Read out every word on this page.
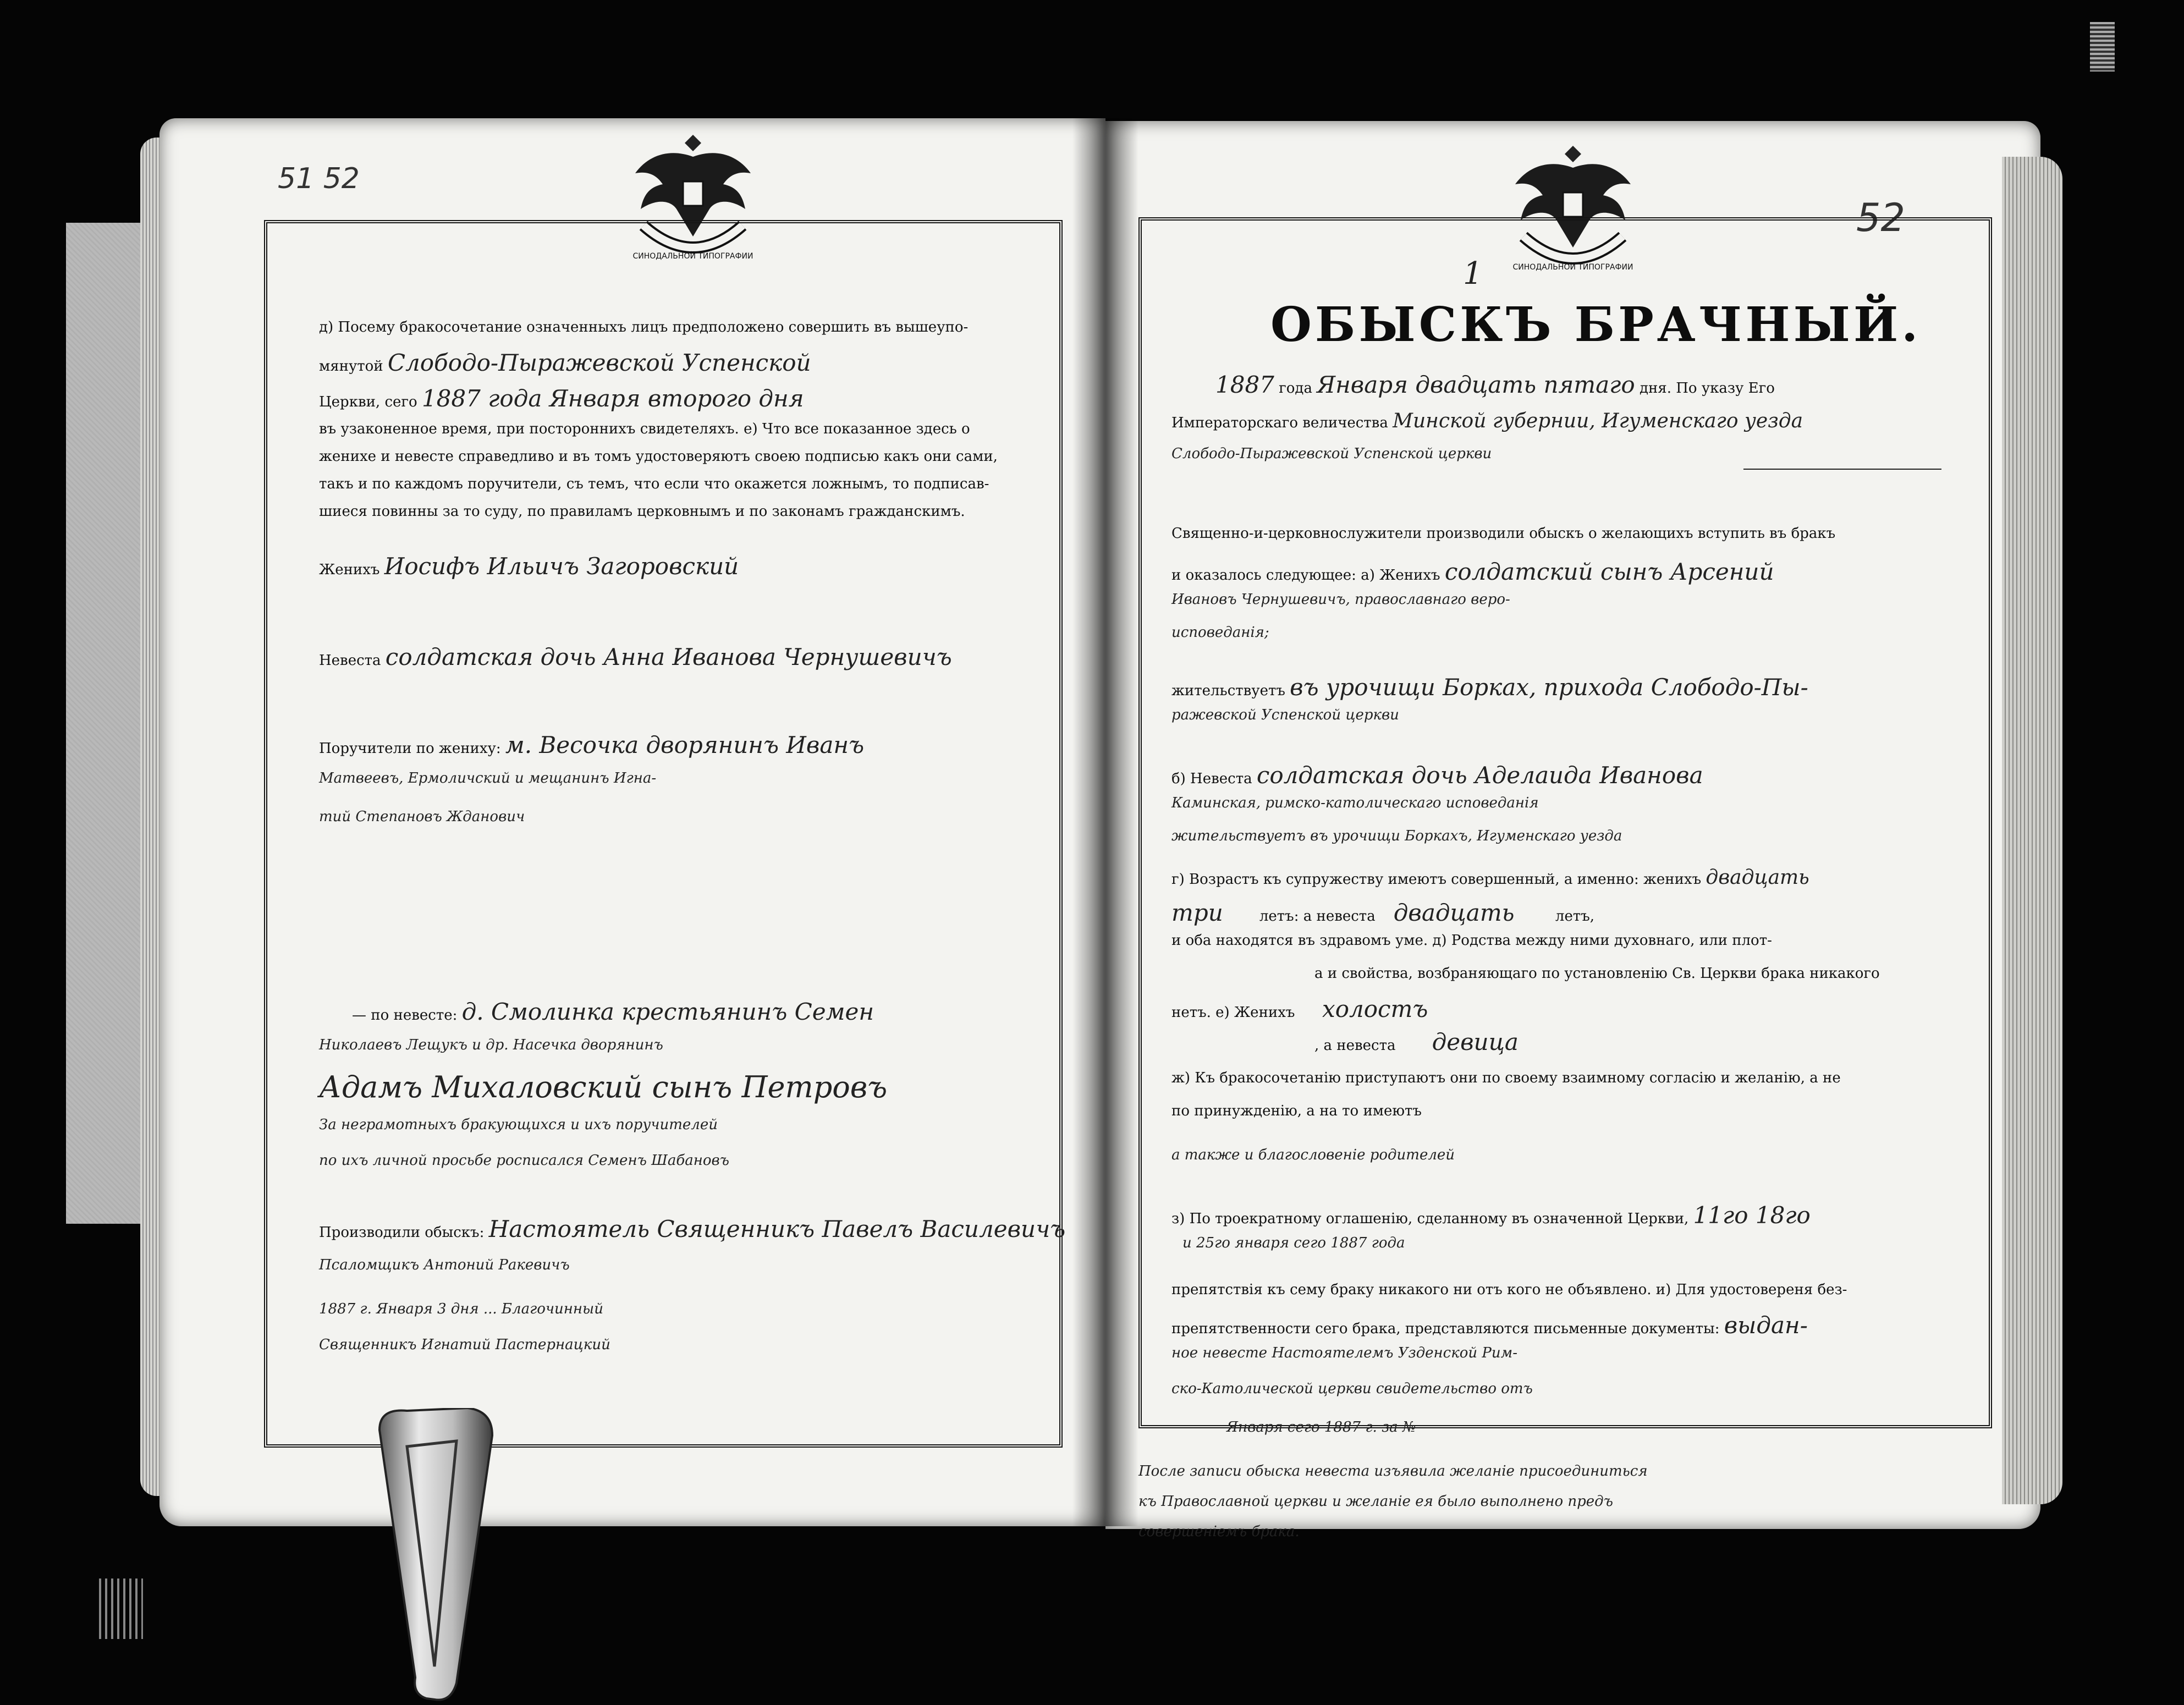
51 52
СИНОДАЛЬНОЙ ТИПОГРАФИИ
д) Посему бракосочетание означенныхъ лицъ предположено совершить въ вышеупо-
мянутой Слободо-Пыражевской Успенской
Церкви, сего 1887 года Января второго дня
въ узаконенное время, при постороннихъ свидетеляхъ. е) Что все показанное здесь о
женихе и невесте справедливо и въ томъ удостоверяютъ своею подписью какъ они сами,
такъ и по каждомъ поручители, съ темъ, что если что окажется ложнымъ, то подписав-
шиеся повинны за то суду, по правиламъ церковнымъ и по законамъ гражданскимъ.
Женихъ Иосифъ Ильичъ Загоровский
Невеста солдатская дочь Анна Иванова Чернушевичъ
Поручители по жениху: м. Весочка дворянинъ Иванъ
Матвеевъ, Ермоличский и мещанинъ Игна-
тий Степановъ Жданович
— по невесте: д. Смолинка крестьянинъ Семен
Николаевъ Лещукъ и др. Насечка дворянинъ
Адамъ Михаловский сынъ Петровъ
За неграмотныхъ бракующихся и ихъ поручителей
по ихъ личной просьбе росписался Семенъ Шабановъ
Производили обыскъ: Настоятель Священникъ Павелъ Василевичъ
Псаломщикъ Антоний Ракевичъ
1887 г. Января 3 дня ... Благочинный
Священникъ Игнатий Пастернацкий
52
СИНОДАЛЬНОЙ ТИПОГРАФИИ
1
ОБЫСКЪ БРАЧНЫЙ.
1887 года Января двадцать пятаго дня. По указу Его
Императорскаго величества Минской губернии, Игуменскаго уезда
Слободо-Пыражевской Успенской церкви
Священно-и-церковнослужители производили обыскъ о желающихъ вступить въ бракъ
и оказалось следующее: а) Женихъ солдатский сынъ Арсений
Ивановъ Чернушевичъ, православнаго веро-
исповеданія;
жительствуетъ въ урочищи Борках, прихода Слободо-Пы-
ражевской Успенской церкви
б) Невеста солдатская дочь Аделаида Иванова
Каминская, римско-католическаго исповеданія
жительствуетъ въ урочищи Боркахъ, Игуменскаго уезда
г) Возрастъ къ супружеству имеютъ совершенный, а именно: женихъ двадцать
три	летъ: а невеста двадцать	летъ,
и оба находятся въ здравомъ уме. д) Родства между ними духовнаго, или плот-
а и свойства, возбраняющаго по установленію Св. Церкви брака никакого
нетъ. е) Женихъ холостъ
, а невеста девица
ж) Къ бракосочетанію приступаютъ они по своему взаимному согласію и желанію, а не
по принужденію, а на то имеютъ
а также и благословеніе родителей
з) По троекратному оглашенію, сделанному въ означенной Церкви, 11го 18го
и 25го января сего 1887 года
препятствія къ сему браку никакого ни отъ кого не объявлено. и) Для удостовереня без-
препятственности сего брака, представляются письменные документы: выдан-
ное невесте Настоятелемъ Узденской Рим-
ско-Католической церкви свидетельство отъ
Января сего 1887 г. за №
После записи обыска невеста изъявила желаніе присоединиться
къ Православной церкви и желаніе ея было выполнено предъ
совершеніемъ брака.
